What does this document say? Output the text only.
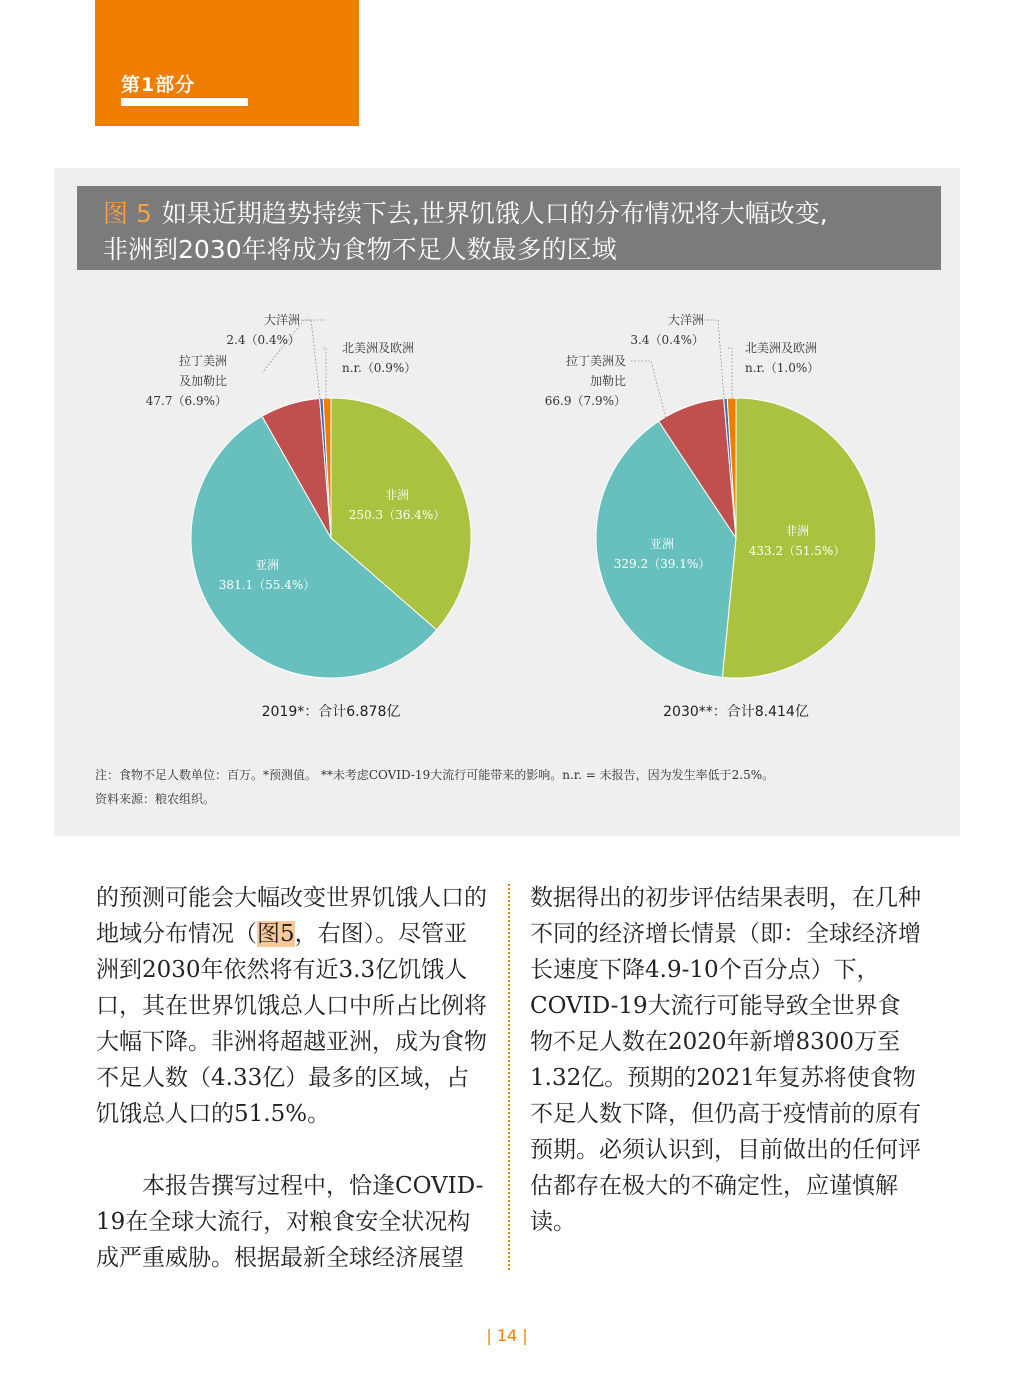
第1部分
图 5 如果近期趋势持续下去,世界饥饿人口的分布情况将大幅改变,
非洲到2030年将成为食物不足人数最多的区域
大洋洲
2.4（0.4%）
北美洲及欧洲
n.r.（0.9%）
拉丁美洲
及加勒比
47.7（6.9%）
非洲
250.3（36.4%）
亚洲
381.1（55.4%）
2019*：合计6.878亿
大洋洲
3.4（0.4%）
北美洲及欧洲
n.r.（1.0%）
拉丁美洲及
加勒比
66.9（7.9%）
非洲
433.2（51.5%）
亚洲
329.2（39.1%）
2030**：合计8.414亿
注：食物不足人数单位：百万。*预测值。 **未考虑COVID-19大流行可能带来的影响。n.r. = 未报告，因为发生率低于2.5%。
资料来源：粮农组织。

的预测可能会大幅改变世界饥饿人口的地域分布情况（图5，右图）。尽管亚洲到2030年依然将有近3.3亿饥饿人口，其在世界饥饿总人口中所占比例将大幅下降。非洲将超越亚洲，成为食物不足人数（4.33亿）最多的区域，占饥饿总人口的51.5%。

本报告撰写过程中，恰逢COVID-19在全球大流行，对粮食安全状况构成严重威胁。根据最新全球经济展望

数据得出的初步评估结果表明，在几种不同的经济增长情景（即：全球经济增长速度下降4.9-10个百分点）下，COVID-19大流行可能导致全世界食物不足人数在2020年新增8300万至1.32亿。预期的2021年复苏将使食物不足人数下降，但仍高于疫情前的原有预期。必须认识到，目前做出的任何评估都存在极大的不确定性，应谨慎解读。

| 14 |
